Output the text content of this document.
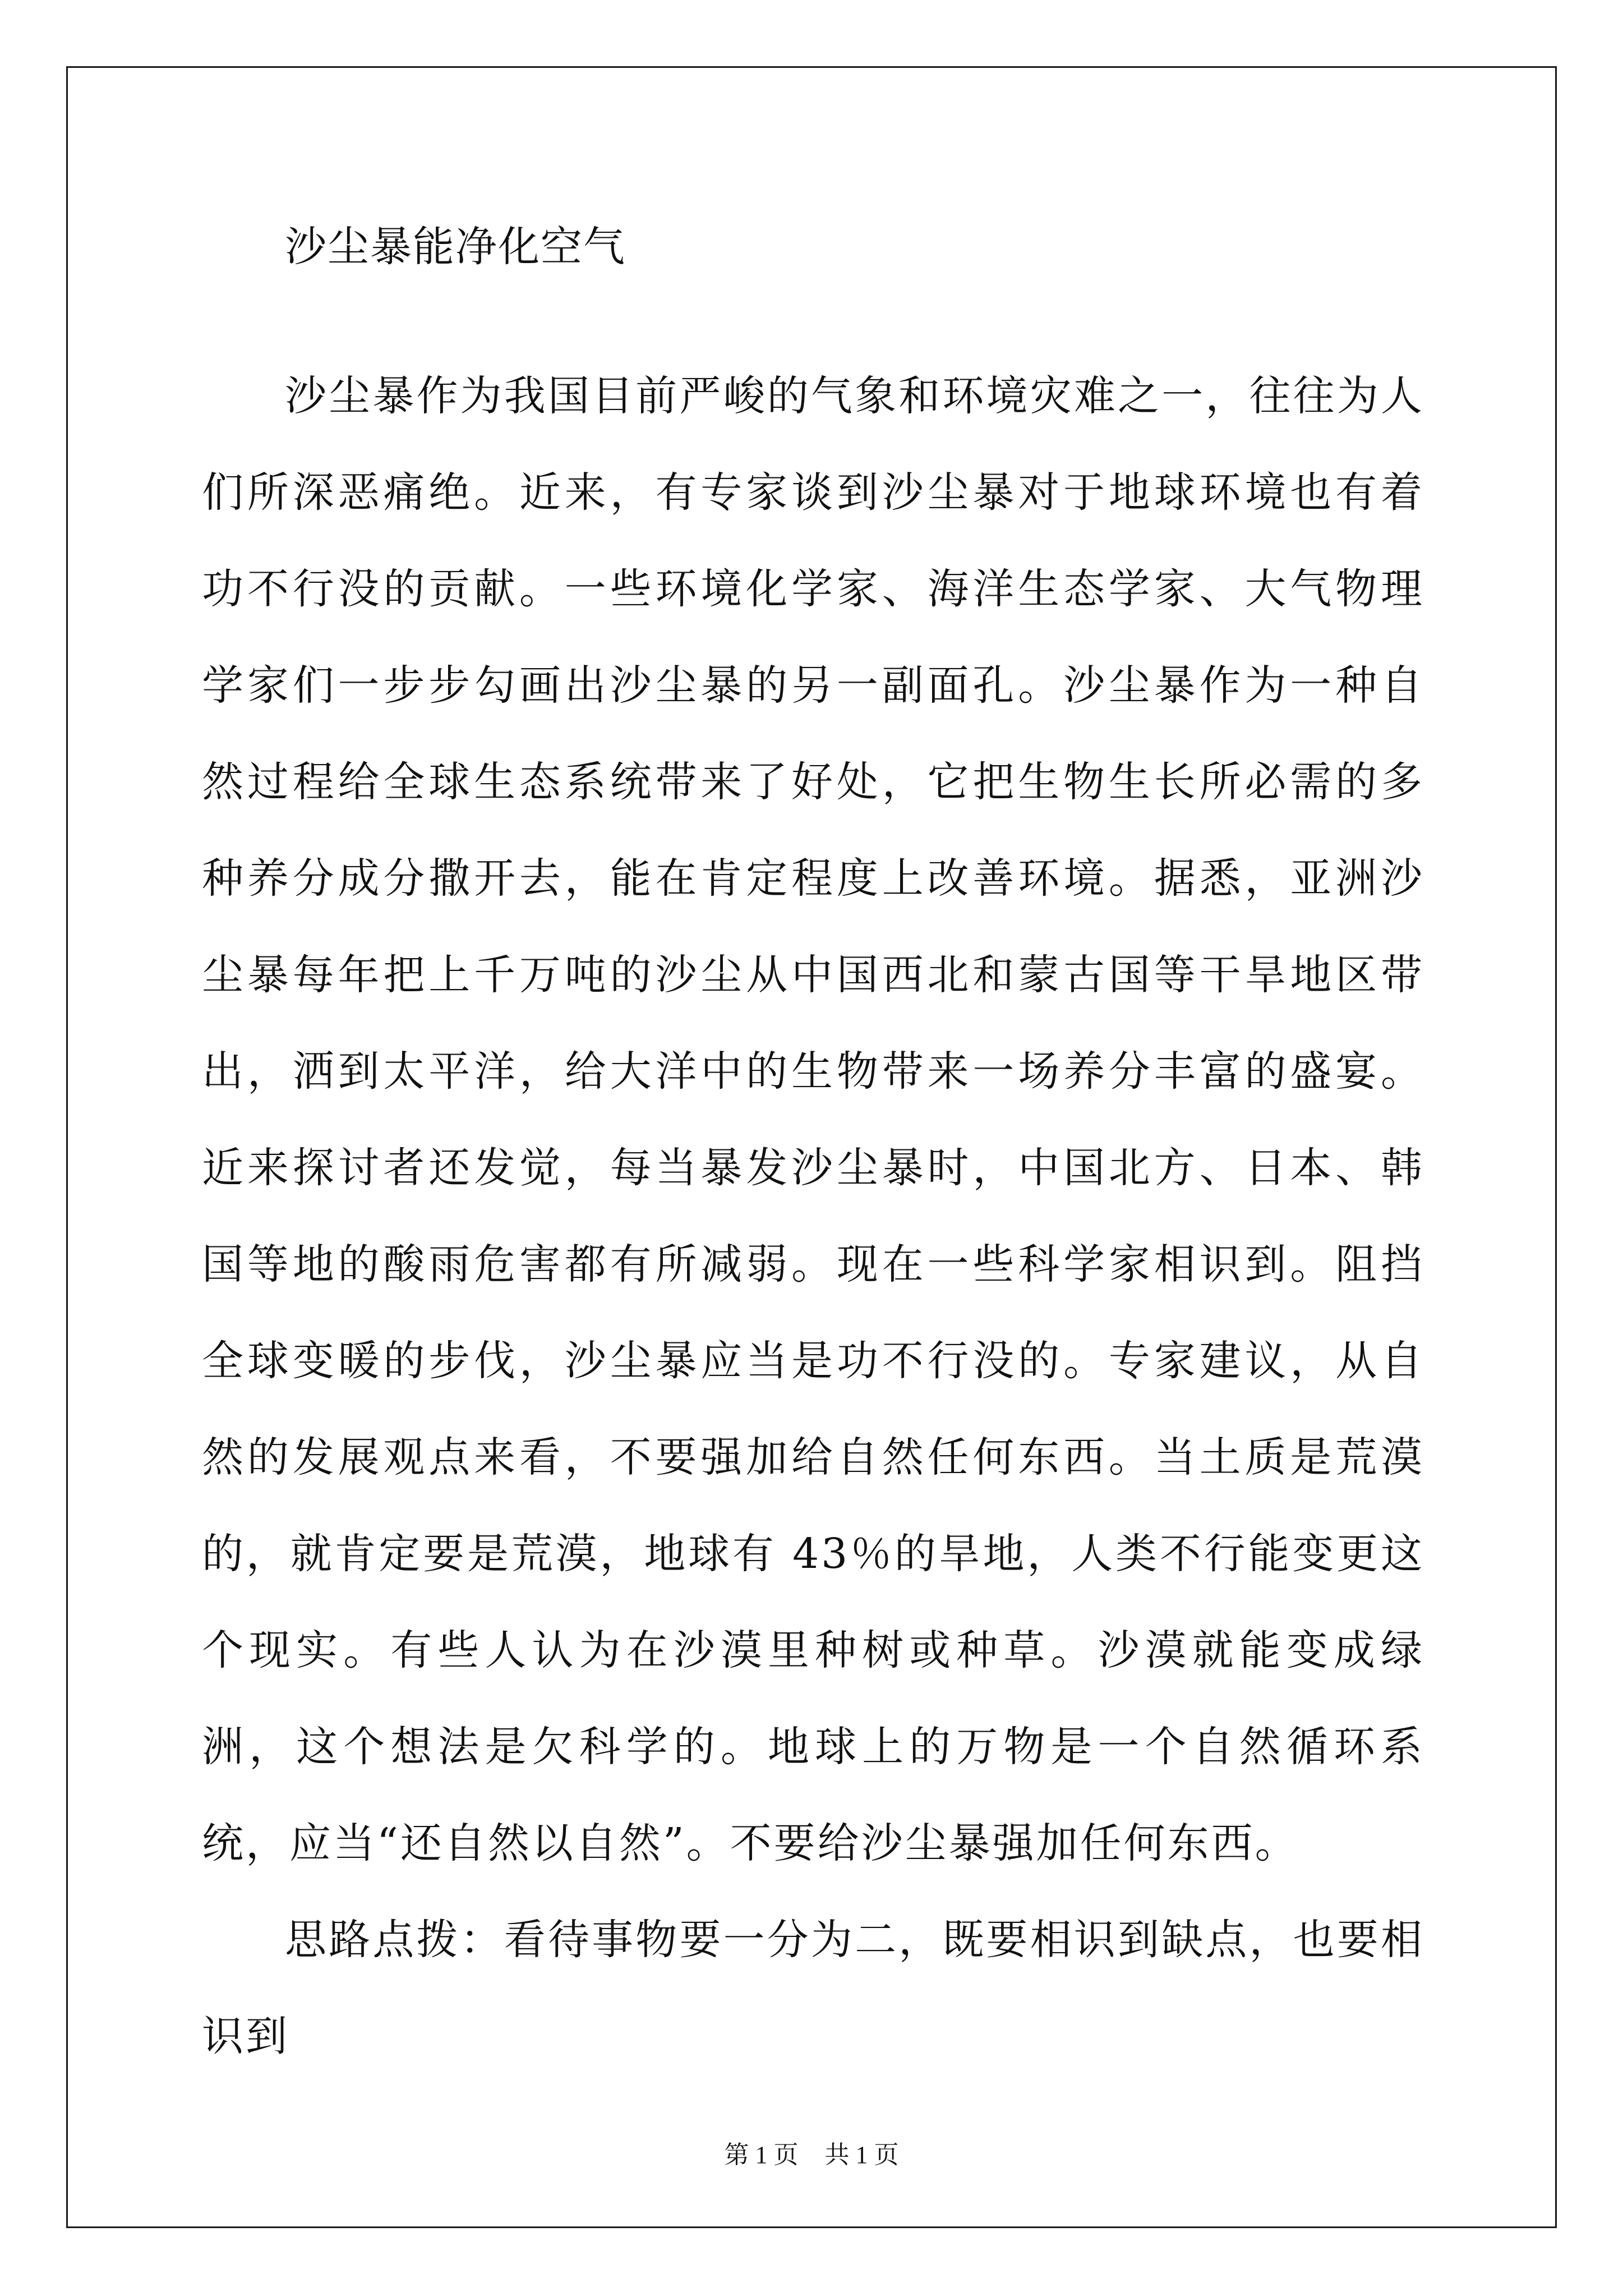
沙尘暴能净化空气

沙尘暴作为我国目前严峻的气象和环境灾难之一，往往为人们所深恶痛绝。近来，有专家谈到沙尘暴对于地球环境也有着功不行没的贡献。一些环境化学家、海洋生态学家、大气物理学家们一步步勾画出沙尘暴的另一副面孔。沙尘暴作为一种自然过程给全球生态系统带来了好处，它把生物生长所必需的多种养分成分撒开去，能在肯定程度上改善环境。据悉，亚洲沙尘暴每年把上千万吨的沙尘从中国西北和蒙古国等干旱地区带出，洒到太平洋，给大洋中的生物带来一场养分丰富的盛宴。近来探讨者还发觉，每当暴发沙尘暴时，中国北方、日本、韩国等地的酸雨危害都有所减弱。现在一些科学家相识到。阻挡全球变暖的步伐，沙尘暴应当是功不行没的。专家建议，从自然的发展观点来看，不要强加给自然任何东西。当土质是荒漠的，就肯定要是荒漠，地球有 43％的旱地，人类不行能变更这个现实。有些人认为在沙漠里种树或种草。沙漠就能变成绿洲，这个想法是欠科学的。地球上的万物是一个自然循环系统，应当“还自然以自然”。不要给沙尘暴强加任何东西。

思路点拨：看待事物要一分为二，既要相识到缺点，也要相识到

第 1 页 共 1 页
